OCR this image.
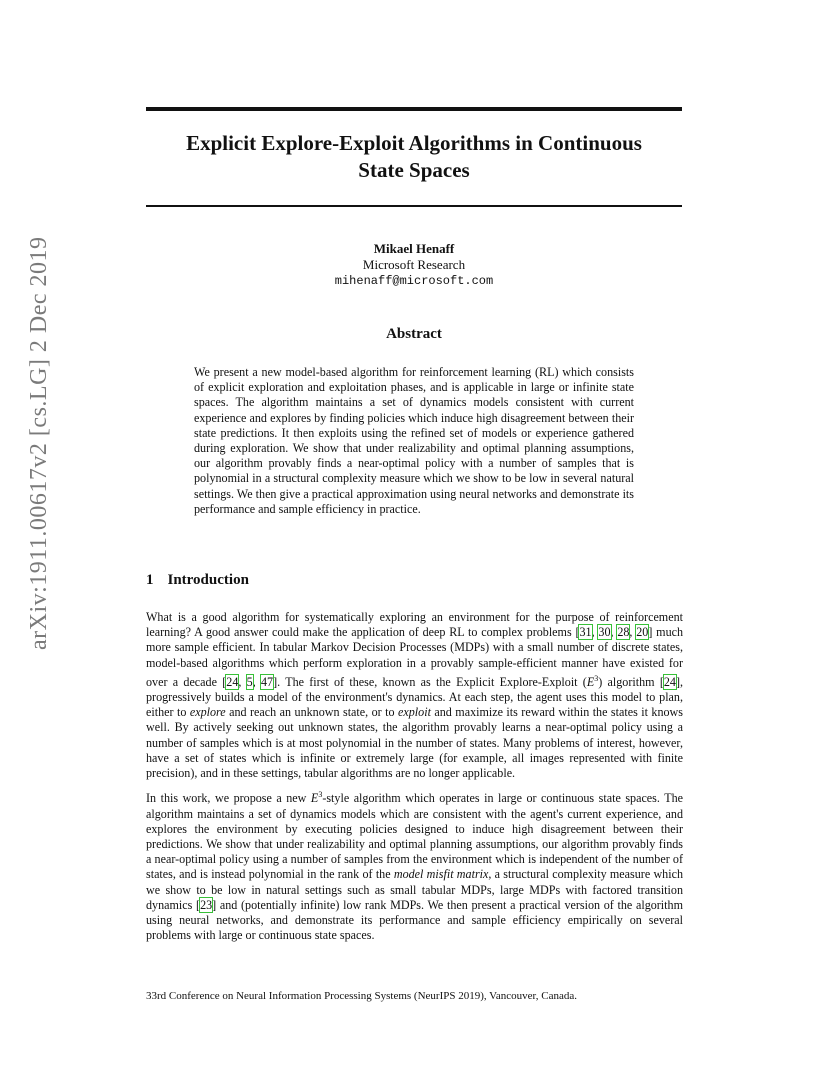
arXiv:1911.00617v2 [cs.LG] 2 Dec 2019
Explicit Explore-Exploit Algorithms in Continuous
State Spaces
Mikael Henaff
Microsoft Research
mihenaff@microsoft.com
Abstract
We present a new model-based algorithm for reinforcement learning (RL) which consists of explicit exploration and exploitation phases, and is applicable in large or infinite state spaces. The algorithm maintains a set of dynamics models consistent with current experience and explores by finding policies which induce high disagreement between their state predictions. It then exploits using the refined set of models or experience gathered during exploration. We show that under realizability and optimal planning assumptions, our algorithm provably finds a near-optimal policy with a number of samples that is polynomial in a structural complexity measure which we show to be low in several natural settings. We then give a practical approximation using neural networks and demonstrate its performance and sample efficiency in practice.
1 Introduction

What is a good algorithm for systematically exploring an environment for the purpose of reinforcement learning? A good answer could make the application of deep RL to complex problems [31, 30, 28, 20] much more sample efficient. In tabular Markov Decision Processes (MDPs) with a small number of discrete states, model-based algorithms which perform exploration in a provably sample-efficient manner have existed for over a decade [24, 5, 47]. The first of these, known as the Explicit Explore-Exploit $(E^3)$ algorithm [24], progressively builds a model of the environment's dynamics. At each step, the agent uses this model to plan, either to explore and reach an unknown state, or to exploit and maximize its reward within the states it knows well. By actively seeking out unknown states, the algorithm provably learns a near-optimal policy using a number of samples which is at most polynomial in the number of states. Many problems of interest, however, have a set of states which is infinite or extremely large (for example, all images represented with finite precision), and in these settings, tabular algorithms are no longer applicable.

In this work, we propose a new $E^3$-style algorithm which operates in large or continuous state spaces. The algorithm maintains a set of dynamics models which are consistent with the agent's current experience, and explores the environment by executing policies designed to induce high disagreement between their predictions. We show that under realizability and optimal planning assumptions, our algorithm provably finds a near-optimal policy using a number of samples from the environment which is independent of the number of states, and is instead polynomial in the rank of the model misfit matrix, a structural complexity measure which we show to be low in natural settings such as small tabular MDPs, large MDPs with factored transition dynamics [23] and (potentially infinite) low rank MDPs. We then present a practical version of the algorithm using neural networks, and demonstrate its performance and sample efficiency empirically on several problems with large or continuous state spaces.

33rd Conference on Neural Information Processing Systems (NeurIPS 2019), Vancouver, Canada.
